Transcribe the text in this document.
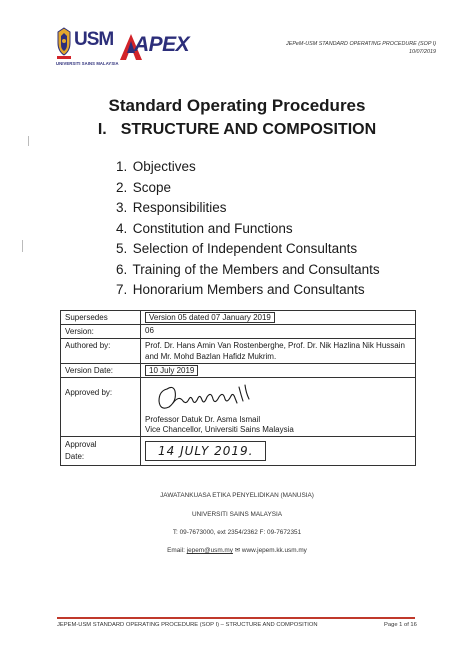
USM
UNIVERSITI SAINS MALAYSIA
APEX	JEPeM-USM STANDARD OPERATING PROCEDURE (SOP I)
10/07/2019
Standard Operating Procedures
I. STRUCTURE AND COMPOSITION
1. Objectives
2. Scope
3. Responsibilities
4. Constitution and Functions
5. Selection of Independent Consultants
6. Training of the Members and Consultants
7. Honorarium Members and Consultants
Supersedes	Version 05 dated 07 January 2019
Version:	06
Authored by:	Prof. Dr. Hans Amin Van Rostenberghe, Prof. Dr. Nik Hazlina Nik Hussain
and Mr. Mohd Bazlan Hafidz Mukrim.

Version Date:	10 July 2019
Approved by:	Professor Datuk Dr. Asma Ismail
Vice Chancellor, Universiti Sains Malaysia

Approval
Date:	14 JULY 2019.
JAWATANKUASA ETIKA PENYELIDIKAN (MANUSIA)
UNIVERSITI SAINS MALAYSIA
T: 09-7673000, ext 2354/2362 F: 09-7672351
Email: jepem@usm.my ✉ www.jepem.kk.usm.my
JEPEM-USM STANDARD OPERATING PROCEDURE (SOP I) – STRUCTURE AND COMPOSITION	Page 1 of 16
